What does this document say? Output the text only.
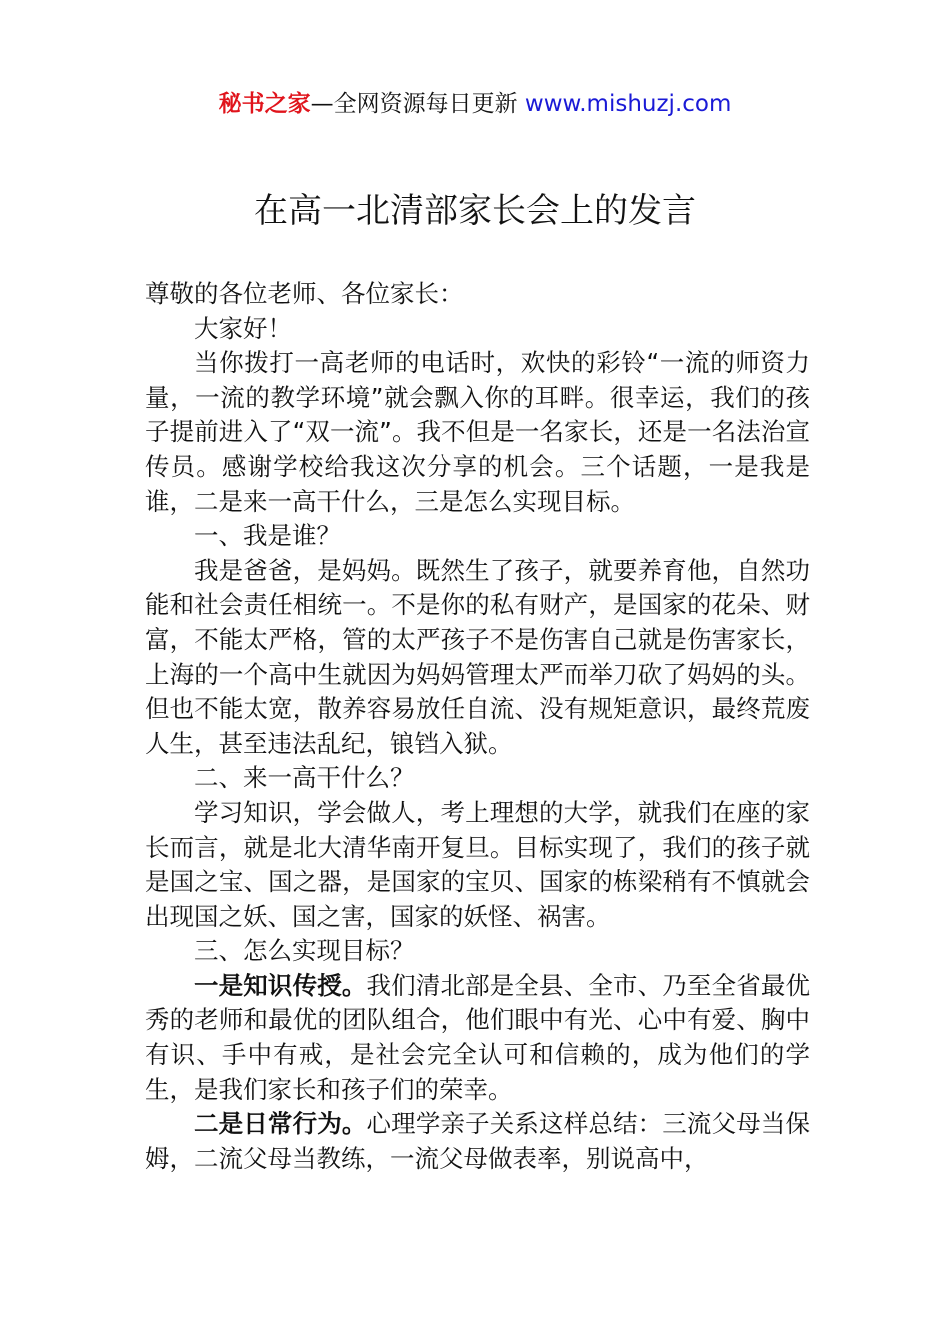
秘书之家—全网资源每日更新 www.mishuzj.com
在高一北清部家长会上的发言

尊敬的各位老师、各位家长：

大家好！

当你拨打一高老师的电话时，欢快的彩铃“一流的师资力量，一流的教学环境”就会飘入你的耳畔。很幸运，我们的孩子提前进入了“双一流”。我不但是一名家长，还是一名法治宣传员。感谢学校给我这次分享的机会。三个话题，一是我是谁，二是来一高干什么，三是怎么实现目标。

一、我是谁？

我是爸爸，是妈妈。既然生了孩子，就要养育他，自然功能和社会责任相统一。不是你的私有财产，是国家的花朵、财富，不能太严格，管的太严孩子不是伤害自己就是伤害家长，上海的一个高中生就因为妈妈管理太严而举刀砍了妈妈的头。但也不能太宽，散养容易放任自流、没有规矩意识，最终荒废人生，甚至违法乱纪，锒铛入狱。

二、来一高干什么？

学习知识，学会做人，考上理想的大学，就我们在座的家长而言，就是北大清华南开复旦。目标实现了，我们的孩子就是国之宝、国之器，是国家的宝贝、国家的栋梁稍有不慎就会出现国之妖、国之害，国家的妖怪、祸害。

三、怎么实现目标？

一是知识传授。我们清北部是全县、全市、乃至全省最优秀的老师和最优的团队组合，他们眼中有光、心中有爱、胸中有识、手中有戒，是社会完全认可和信赖的，成为他们的学生，是我们家长和孩子们的荣幸。

二是日常行为。心理学亲子关系这样总结：三流父母当保姆，二流父母当教练，一流父母做表率，别说高中，
